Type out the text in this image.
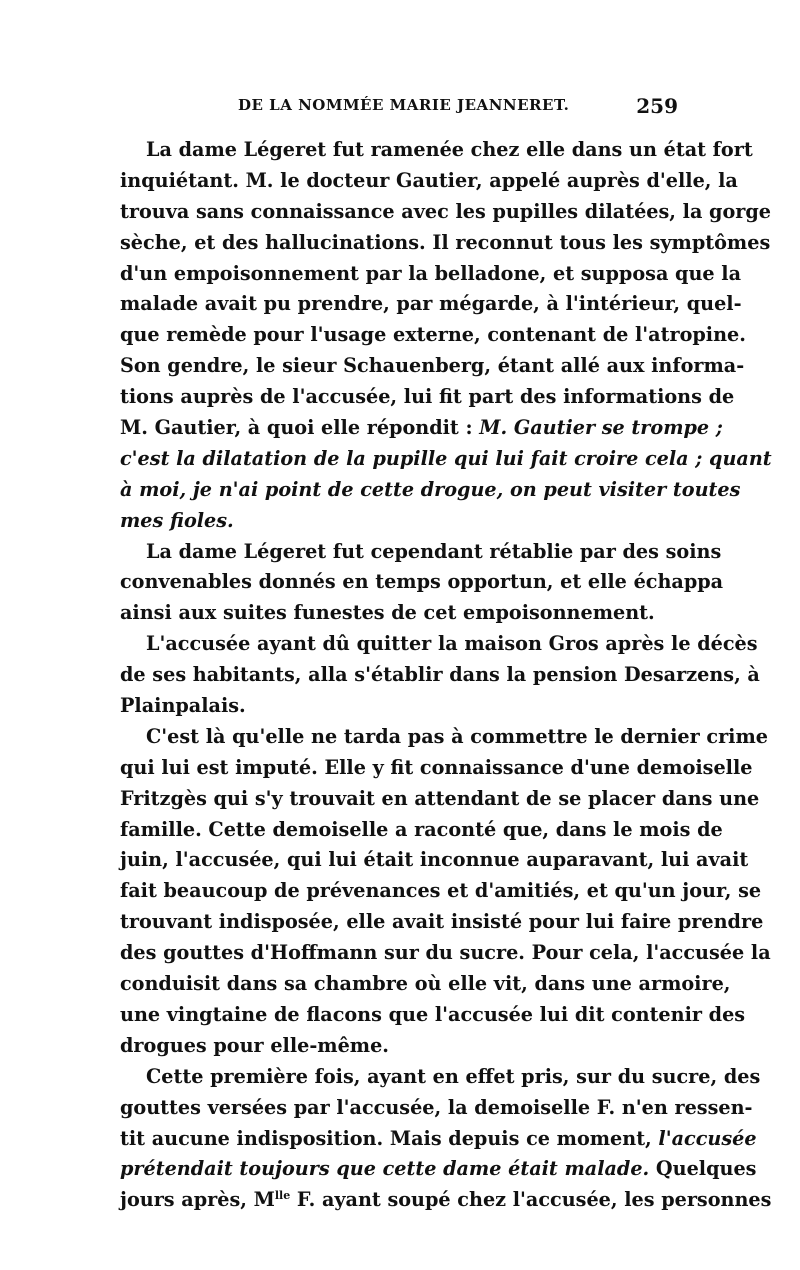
DE LA NOMMÉE MARIE JEANNERET.	259
La dame Légeret fut ramenée chez elle dans un état fort
inquiétant. M. le docteur Gautier, appelé auprès d'elle, la
trouva sans connaissance avec les pupilles dilatées, la gorge
sèche, et des hallucinations. Il reconnut tous les symptômes
d'un empoisonnement par la belladone, et supposa que la
malade avait pu prendre, par mégarde, à l'intérieur, quel-
que remède pour l'usage externe, contenant de l'atropine.
Son gendre, le sieur Schauenberg, étant allé aux informa-
tions auprès de l'accusée, lui fit part des informations de
M. Gautier, à quoi elle répondit : M. Gautier se trompe ;
c'est la dilatation de la pupille qui lui fait croire cela ; quant
à moi, je n'ai point de cette drogue, on peut visiter toutes
mes fioles.
La dame Légeret fut cependant rétablie par des soins
convenables donnés en temps opportun, et elle échappa
ainsi aux suites funestes de cet empoisonnement.
L'accusée ayant dû quitter la maison Gros après le décès
de ses habitants, alla s'établir dans la pension Desarzens, à
Plainpalais.
C'est là qu'elle ne tarda pas à commettre le dernier crime
qui lui est imputé. Elle y fit connaissance d'une demoiselle
Fritzgès qui s'y trouvait en attendant de se placer dans une
famille. Cette demoiselle a raconté que, dans le mois de
juin, l'accusée, qui lui était inconnue auparavant, lui avait
fait beaucoup de prévenances et d'amitiés, et qu'un jour, se
trouvant indisposée, elle avait insisté pour lui faire prendre
des gouttes d'Hoffmann sur du sucre. Pour cela, l'accusée la
conduisit dans sa chambre où elle vit, dans une armoire,
une vingtaine de flacons que l'accusée lui dit contenir des
drogues pour elle-même.
Cette première fois, ayant en effet pris, sur du sucre, des
gouttes versées par l'accusée, la demoiselle F. n'en ressen-
tit aucune indisposition. Mais depuis ce moment, l'accusée
prétendait toujours que cette dame était malade. Quelques
jours après, $M^{lle}$ F. ayant soupé chez l'accusée, les personnes
